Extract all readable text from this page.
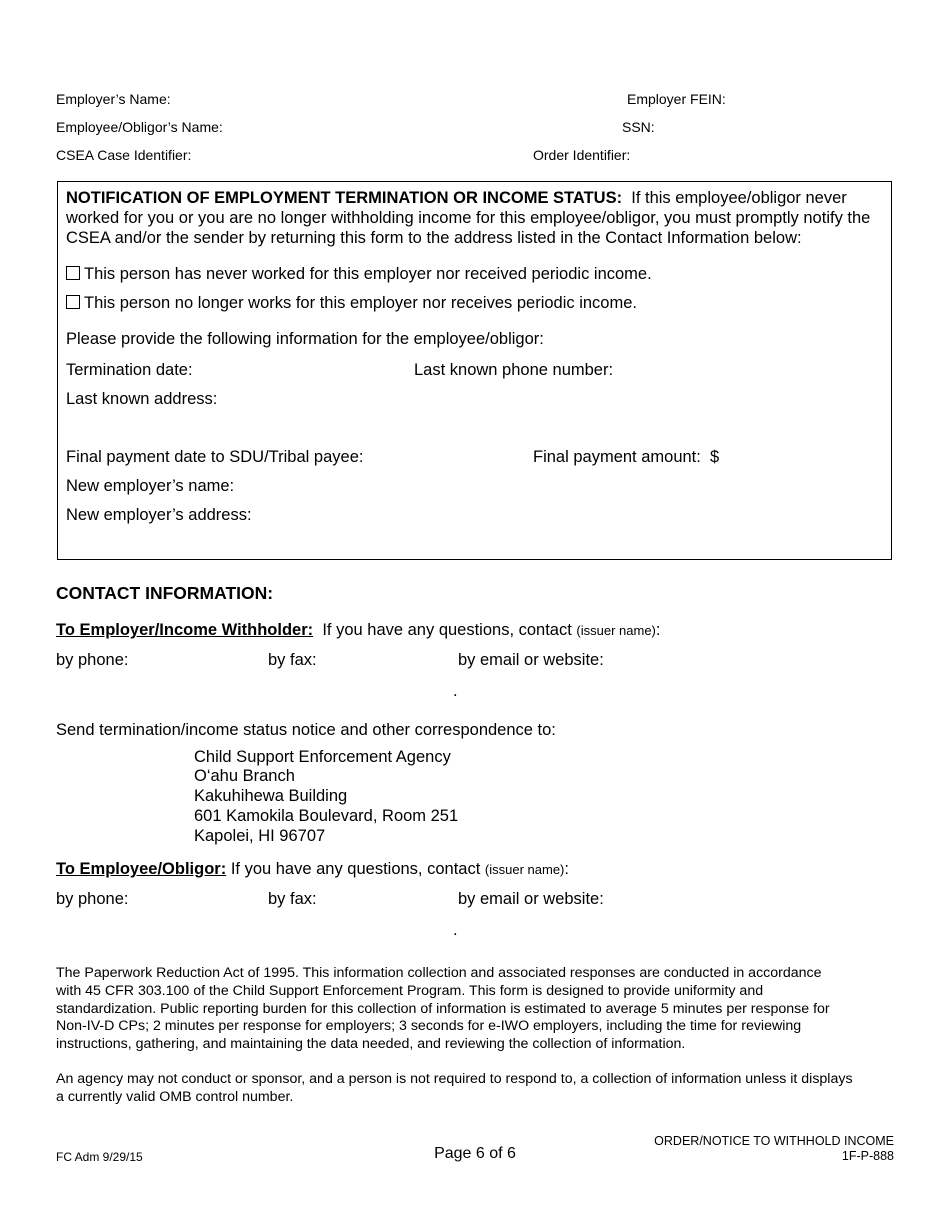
Employer’s Name:	Employer FEIN:
Employee/Obligor’s Name:	SSN:
CSEA Case Identifier:	Order Identifier:
NOTIFICATION OF EMPLOYMENT TERMINATION OR INCOME STATUS: If this employee/obligor never
worked for you or you are no longer withholding income for this employee/obligor, you must promptly notify the
CSEA and/or the sender by returning this form to the address listed in the Contact Information below:
This person has never worked for this employer nor received periodic income.
This person no longer works for this employer nor receives periodic income.
Please provide the following information for the employee/obligor:
Termination date:	Last known phone number:
Last known address:
Final payment date to SDU/Tribal payee:	Final payment amount: $
New employer’s name:
New employer’s address:
CONTACT INFORMATION:
To Employer/Income Withholder: If you have any questions, contact (issuer name):
by phone:	by fax:	by email or website:
.
Send termination/income status notice and other correspondence to:
Child Support Enforcement Agency
O‘ahu Branch
Kakuhihewa Building
601 Kamokila Boulevard, Room 251
Kapolei, HI 96707
To Employee/Obligor: If you have any questions, contact (issuer name):
by phone:	by fax:	by email or website:
.
The Paperwork Reduction Act of 1995. This information collection and associated responses are conducted in accordance
with 45 CFR 303.100 of the Child Support Enforcement Program. This form is designed to provide uniformity and
standardization. Public reporting burden for this collection of information is estimated to average 5 minutes per response for
Non-IV-D CPs; 2 minutes per response for employers; 3 seconds for e-IWO employers, including the time for reviewing
instructions, gathering, and maintaining the data needed, and reviewing the collection of information.
An agency may not conduct or sponsor, and a person is not required to respond to, a collection of information unless it displays
a currently valid OMB control number.
FC Adm 9/29/15	Page 6 of 6
ORDER/NOTICE TO WITHHOLD INCOME
1F-P-888
